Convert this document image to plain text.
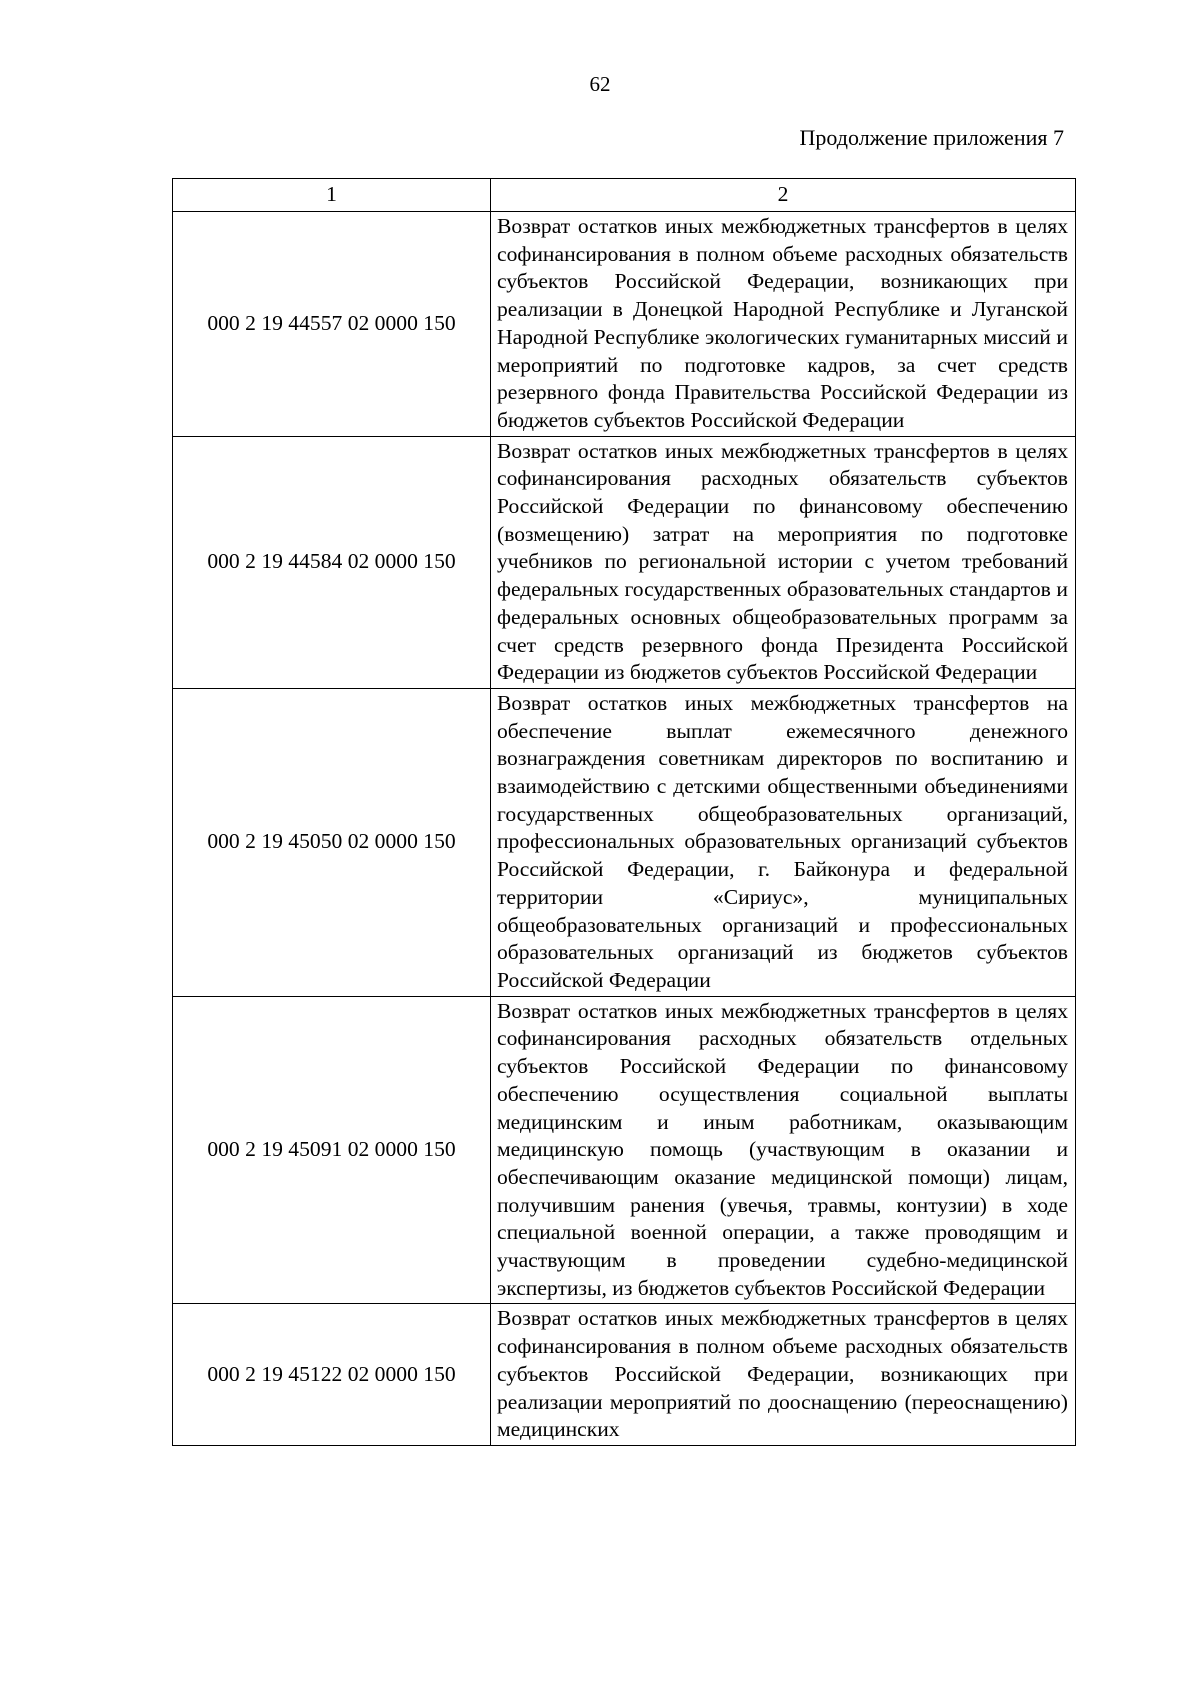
62
Продолжение приложения 7
1	2
000 2 19 44557 02 0000 150	Возврат остатков иных межбюджетных трансфертов в целях софинансирования в полном объеме расходных обязательств субъектов Российской Федерации, возникающих при реализации в Донецкой Народной Республике и Луганской Народной Республике экологических гуманитарных миссий и мероприятий по подготовке кадров, за счет средств резервного фонда Правительства Российской Федерации из бюджетов субъектов Российской Федерации
000 2 19 44584 02 0000 150	Возврат остатков иных межбюджетных трансфертов в целях софинансирования расходных обязательств субъектов Российской Федерации по финансовому обеспечению (возмещению) затрат на мероприятия по подготовке учебников по региональной истории с учетом требований федеральных государственных образовательных стандартов и федеральных основных общеобразовательных программ за счет средств резервного фонда Президента Российской Федерации из бюджетов субъектов Российской Федерации
000 2 19 45050 02 0000 150	Возврат остатков иных межбюджетных трансфертов на обеспечение выплат ежемесячного денежного вознаграждения советникам директоров по воспитанию и взаимодействию с детскими общественными объединениями государственных общеобразовательных организаций, профессиональных образовательных организаций субъектов Российской Федерации, г. Байконура и федеральной территории «Сириус», муниципальных общеобразовательных организаций и профессиональных образовательных организаций из бюджетов субъектов Российской Федерации
000 2 19 45091 02 0000 150	Возврат остатков иных межбюджетных трансфертов в целях софинансирования расходных обязательств отдельных субъектов Российской Федерации по финансовому обеспечению осуществления социальной выплаты медицинским и иным работникам, оказывающим медицинскую помощь (участвующим в оказании и обеспечивающим оказание медицинской помощи) лицам, получившим ранения (увечья, травмы, контузии) в ходе специальной военной операции, а также проводящим и участвующим в проведении судебно-медицинской экспертизы, из бюджетов субъектов Российской Федерации
000 2 19 45122 02 0000 150	Возврат остатков иных межбюджетных трансфертов в целях софинансирования в полном объеме расходных обязательств субъектов Российской Федерации, возникающих при реализации мероприятий по дооснащению (переоснащению) медицинских
